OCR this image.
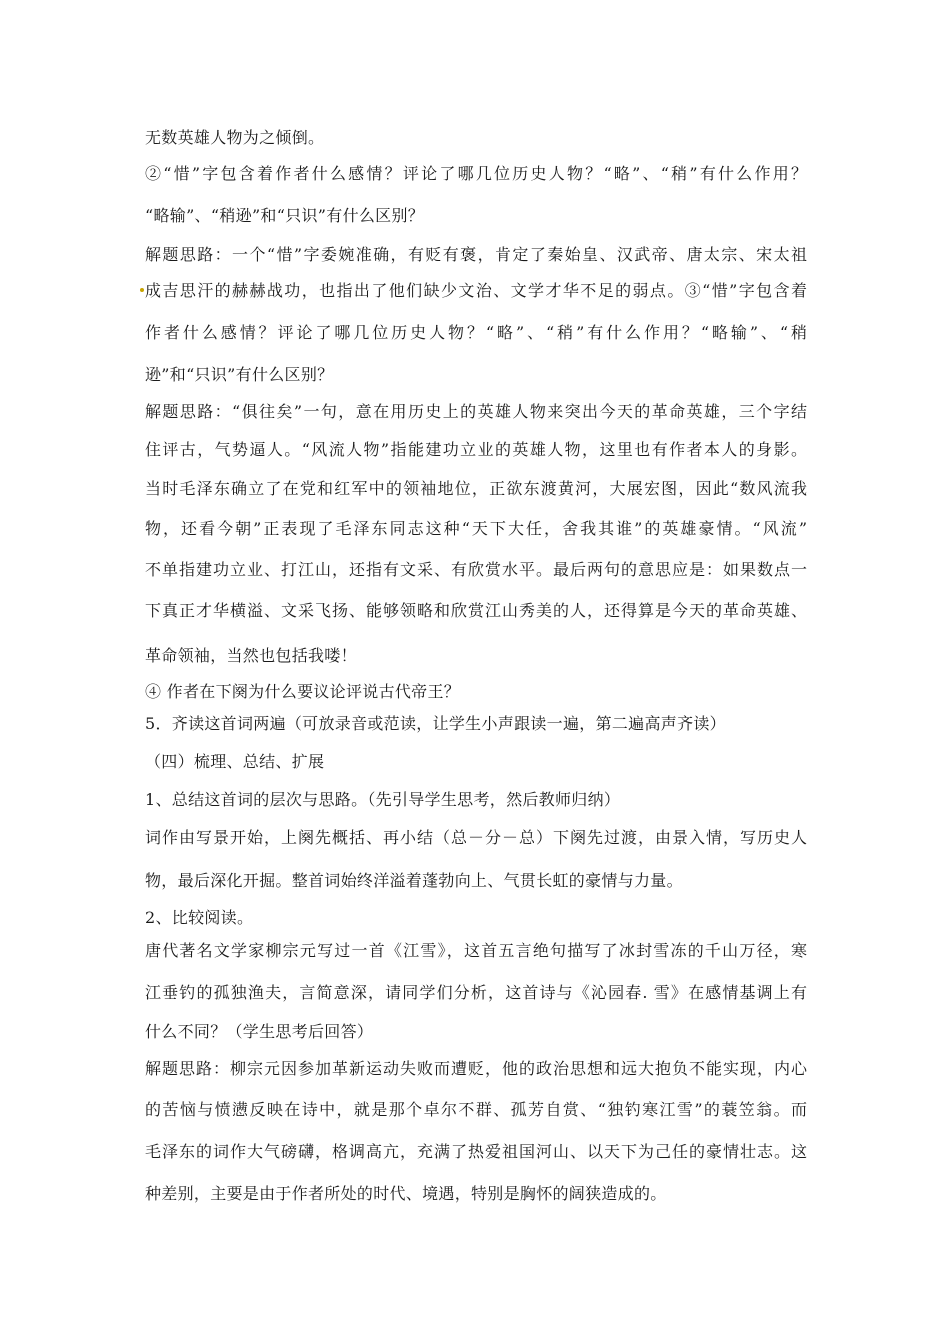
无数英雄人物为之倾倒。
②“惜”字包含着作者什么感情？评论了哪几位历史人物？“略”、“稍”有什么作用？
“略输”、“稍逊”和“只识”有什么区别？
解题思路：一个“惜”字委婉准确，有贬有褒，肯定了秦始皇、汉武帝、唐太宗、宋太祖
成吉思汗的赫赫战功，也指出了他们缺少文治、文学才华不足的弱点。③“惜”字包含着
作者什么感情？评论了哪几位历史人物？“略”、“稍”有什么作用？“略输”、“稍
逊”和“只识”有什么区别？
解题思路：“俱往矣”一句，意在用历史上的英雄人物来突出今天的革命英雄，三个字结
住评古，气势逼人。“风流人物”指能建功立业的英雄人物，这里也有作者本人的身影。
当时毛泽东确立了在党和红军中的领袖地位，正欲东渡黄河，大展宏图，因此“数风流我
物，还看今朝”正表现了毛泽东同志这种“天下大任，舍我其谁”的英雄豪情。“风流”
不单指建功立业、打江山，还指有文采、有欣赏水平。最后两句的意思应是：如果数点一
下真正才华横溢、文采飞扬、能够领略和欣赏江山秀美的人，还得算是今天的革命英雄、
革命领袖，当然也包括我喽！
④ 作者在下阕为什么要议论评说古代帝王？
5．齐读这首词两遍（可放录音或范读，让学生小声跟读一遍，第二遍高声齐读）
（四）梳理、总结、扩展
1、总结这首词的层次与思路。（先引导学生思考，然后教师归纳）
词作由写景开始，上阕先概括、再小结（总－分－总）下阕先过渡，由景入情，写历史人
物，最后深化开掘。整首词始终洋溢着蓬勃向上、气贯长虹的豪情与力量。
2、比较阅读。
唐代著名文学家柳宗元写过一首《江雪》，这首五言绝句描写了冰封雪冻的千山万径，寒
江垂钓的孤独渔夫，言简意深，请同学们分析，这首诗与《沁园春. 雪》在感情基调上有
什么不同？（学生思考后回答）
解题思路：柳宗元因参加革新运动失败而遭贬，他的政治思想和远大抱负不能实现，内心
的苦恼与愤懑反映在诗中，就是那个卓尔不群、孤芳自赏、“独钓寒江雪”的蓑笠翁。而
毛泽东的词作大气磅礴，格调高亢，充满了热爱祖国河山、以天下为己任的豪情壮志。这
种差别，主要是由于作者所处的时代、境遇，特别是胸怀的阔狭造成的。
